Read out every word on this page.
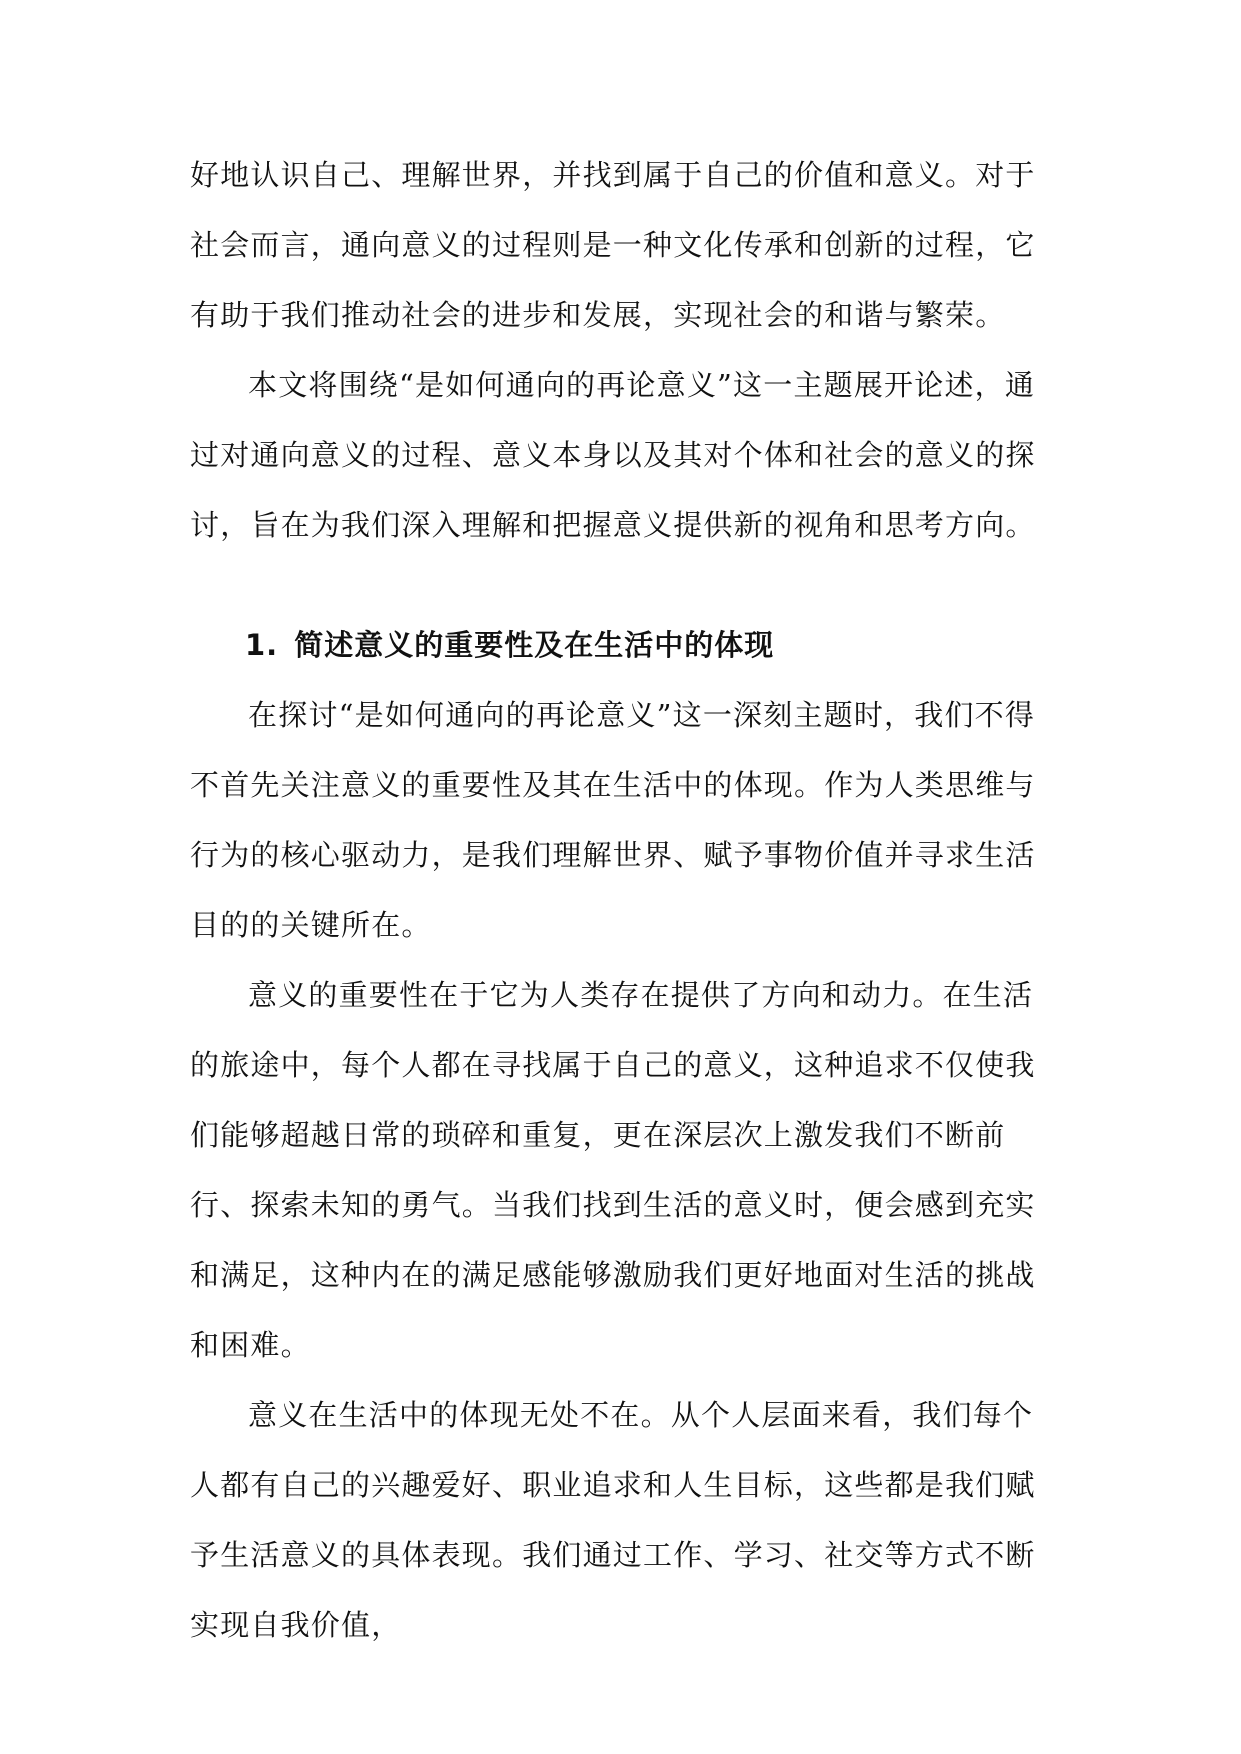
好地认识自己、理解世界，并找到属于自己的价值和意义。对于社会而言，通向意义的过程则是一种文化传承和创新的过程，它有助于我们推动社会的进步和发展，实现社会的和谐与繁荣。

本文将围绕“是如何通向的再论意义”这一主题展开论述，通过对通向意义的过程、意义本身以及其对个体和社会的意义的探讨，旨在为我们深入理解和把握意义提供新的视角和思考方向。

1. 简述意义的重要性及在生活中的体现

在探讨“是如何通向的再论意义”这一深刻主题时，我们不得不首先关注意义的重要性及其在生活中的体现。作为人类思维与行为的核心驱动力，是我们理解世界、赋予事物价值并寻求生活目的的关键所在。

意义的重要性在于它为人类存在提供了方向和动力。在生活的旅途中，每个人都在寻找属于自己的意义，这种追求不仅使我们能够超越日常的琐碎和重复，更在深层次上激发我们不断前行、探索未知的勇气。当我们找到生活的意义时，便会感到充实和满足，这种内在的满足感能够激励我们更好地面对生活的挑战和困难。

意义在生活中的体现无处不在。从个人层面来看，我们每个人都有自己的兴趣爱好、职业追求和人生目标，这些都是我们赋予生活意义的具体表现。我们通过工作、学习、社交等方式不断实现自我价值，
